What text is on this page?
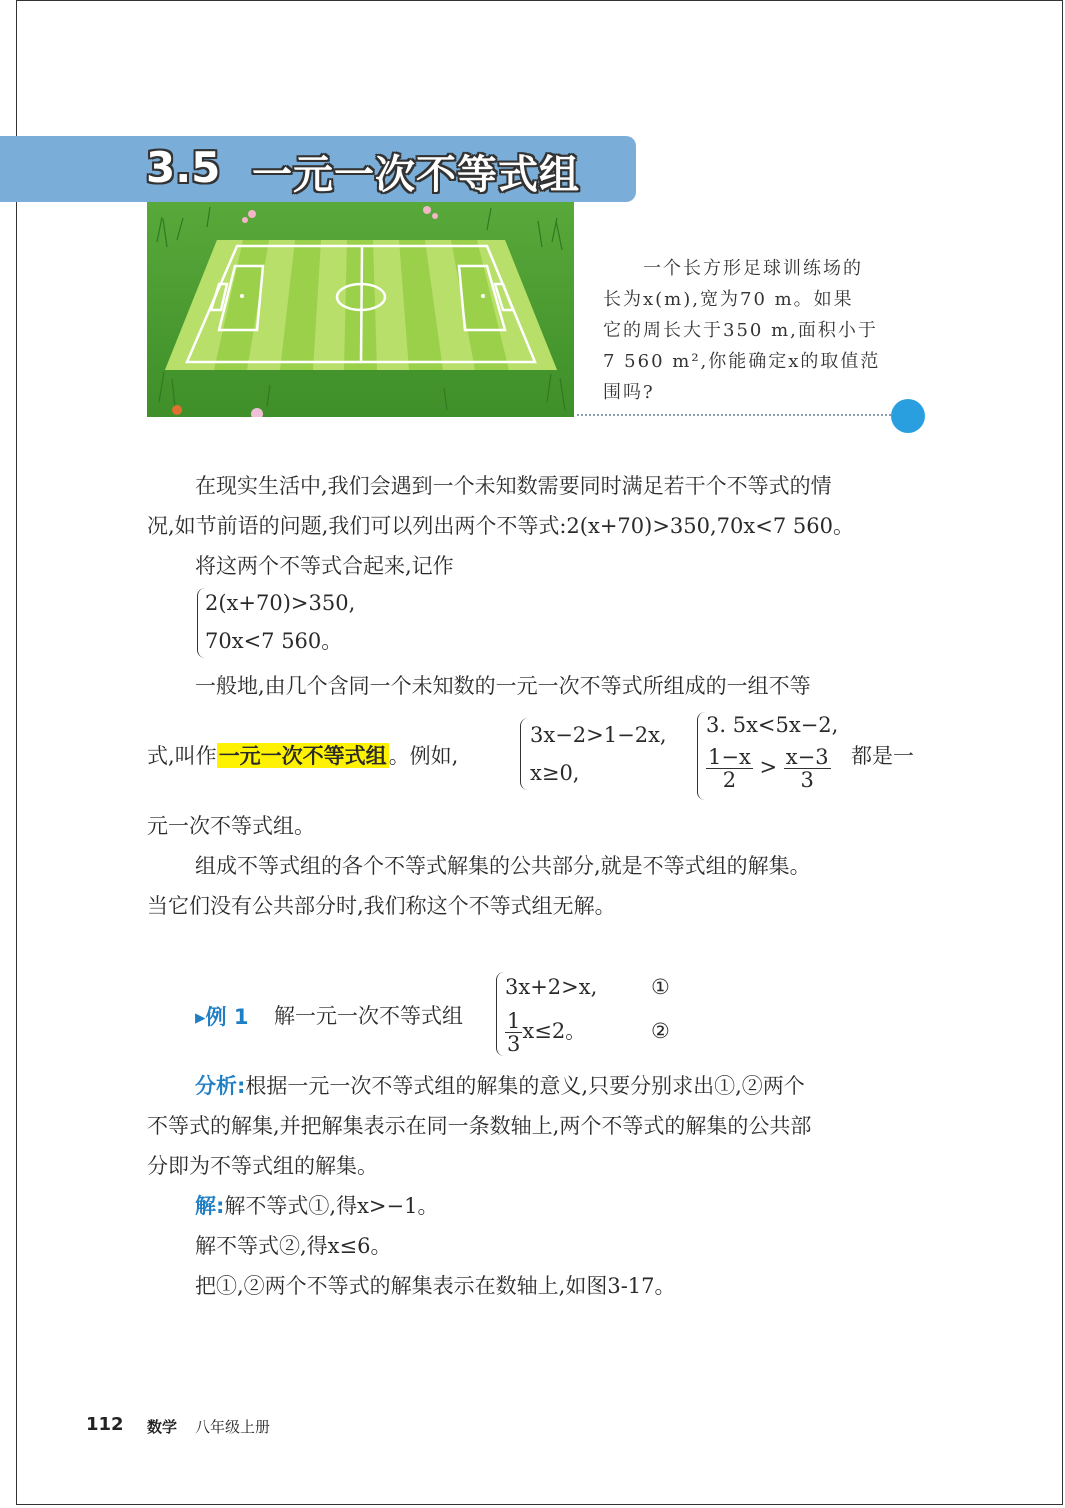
3.5 一元一次不等式组

一个长方形足球训练场的

长为x(m),宽为70 m。如果

它的周长大于350 m,面积小于

7 560 m²,你能确定x的取值范

围吗?

在现实生活中,我们会遇到一个未知数需要同时满足若干个不等式的情
况,如节前语的问题,我们可以列出两个不等式:2(x+70)>350,70x<7 560。
将这两个不等式合起来,记作
2(x+70)>350,
70x<7 560。
一般地,由几个含同一个未知数的一元一次不等式所组成的一组不等
式,叫作一元一次不等式组。例如,
3x−2>1−2x,
x≥0,
3. 5x<5x−2,
$\frac{1-x}{2} > \frac{x-3}{3}$ 都是一
元一次不等式组。
组成不等式组的各个不等式解集的公共部分,就是不等式组的解集。
当它们没有公共部分时,我们称这个不等式组无解。
▸例 1 解一元一次不等式组
3x+2>x,	①
$\frac{1}{3} x\le 2$。	②
分析:根据一元一次不等式组的解集的意义,只要分别求出①,②两个
不等式的解集,并把解集表示在同一条数轴上,两个不等式的解集的公共部
分即为不等式组的解集。
解:解不等式①,得x>−1。
解不等式②,得x≤6。
把①,②两个不等式的解集表示在数轴上,如图3-17。
112 数学 八年级上册
